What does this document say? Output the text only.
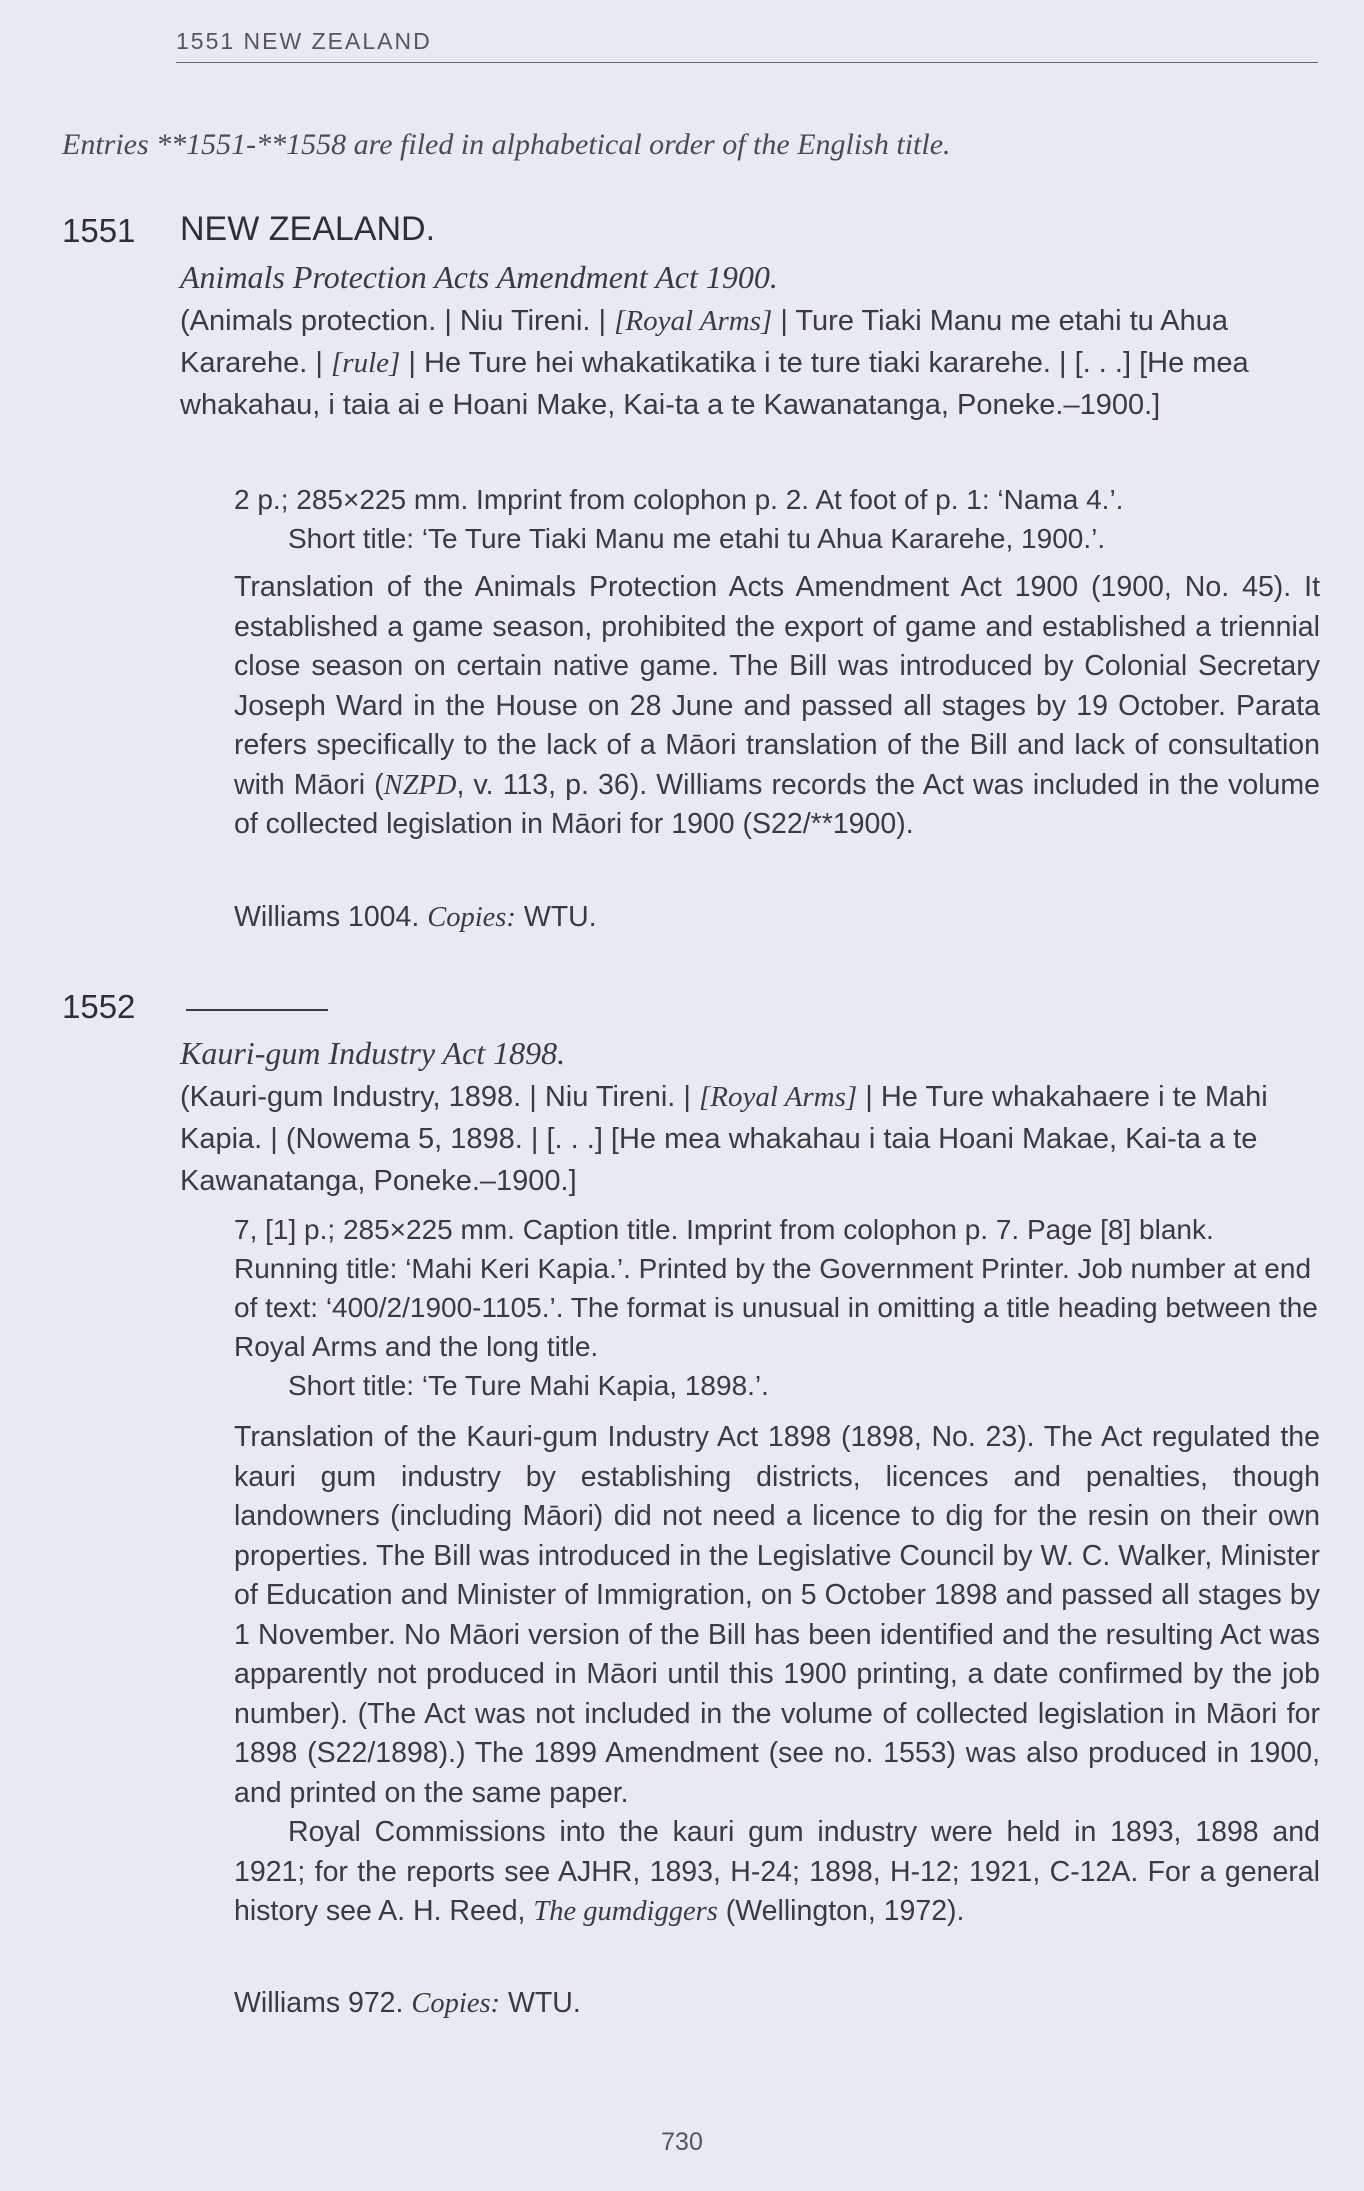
1551 NEW ZEALAND
Entries **1551-**1558 are filed in alphabetical order of the English title.
1551 NEW ZEALAND.
Animals Protection Acts Amendment Act 1900.
(Animals protection. | Niu Tireni. | [Royal Arms] | Ture Tiaki Manu me etahi tu Ahua Kararehe. | [rule] | He Ture hei whakatikatika i te ture tiaki kararehe. | [. . .] [He mea whakahau, i taia ai e Hoani Make, Kai-ta a te Kawanatanga, Poneke.–1900.]
2 p.; 285×225 mm. Imprint from colophon p. 2. At foot of p. 1: ‘Nama 4.’.
Short title: ‘Te Ture Tiaki Manu me etahi tu Ahua Kararehe, 1900.’.
Translation of the Animals Protection Acts Amendment Act 1900 (1900, No. 45). It established a game season, prohibited the export of game and established a triennial close season on certain native game. The Bill was introduced by Colonial Secretary Joseph Ward in the House on 28 June and passed all stages by 19 October. Parata refers specifically to the lack of a Māori translation of the Bill and lack of consultation with Māori (NZPD, v. 113, p. 36). Williams records the Act was included in the volume of collected legislation in Māori for 1900 (S22/**1900).
Williams 1004. Copies: WTU.
1552
Kauri-gum Industry Act 1898.
(Kauri-gum Industry, 1898. | Niu Tireni. | [Royal Arms] | He Ture whakahaere i te Mahi Kapia. | (Nowema 5, 1898. | [. . .] [He mea whakahau i taia Hoani Makae, Kai-ta a te Kawanatanga, Poneke.–1900.]
7, [1] p.; 285×225 mm. Caption title. Imprint from colophon p. 7. Page [8] blank. Running title: ‘Mahi Keri Kapia.’. Printed by the Government Printer. Job number at end of text: ‘400/2/1900-1105.’. The format is unusual in omitting a title heading between the Royal Arms and the long title.
Short title: ‘Te Ture Mahi Kapia, 1898.’.
Translation of the Kauri-gum Industry Act 1898 (1898, No. 23). The Act regulated the kauri gum industry by establishing districts, licences and penalties, though landowners (including Māori) did not need a licence to dig for the resin on their own properties. The Bill was introduced in the Legislative Council by W. C. Walker, Minister of Education and Minister of Immigration, on 5 October 1898 and passed all stages by 1 November. No Māori version of the Bill has been identified and the resulting Act was apparently not produced in Māori until this 1900 printing, a date confirmed by the job number). (The Act was not included in the volume of collected legislation in Māori for 1898 (S22/1898).) The 1899 Amendment (see no. 1553) was also produced in 1900, and printed on the same paper.
Royal Commissions into the kauri gum industry were held in 1893, 1898 and 1921; for the reports see AJHR, 1893, H-24; 1898, H-12; 1921, C-12A. For a general history see A. H. Reed, The gumdiggers (Wellington, 1972).
Williams 972. Copies: WTU.
730
